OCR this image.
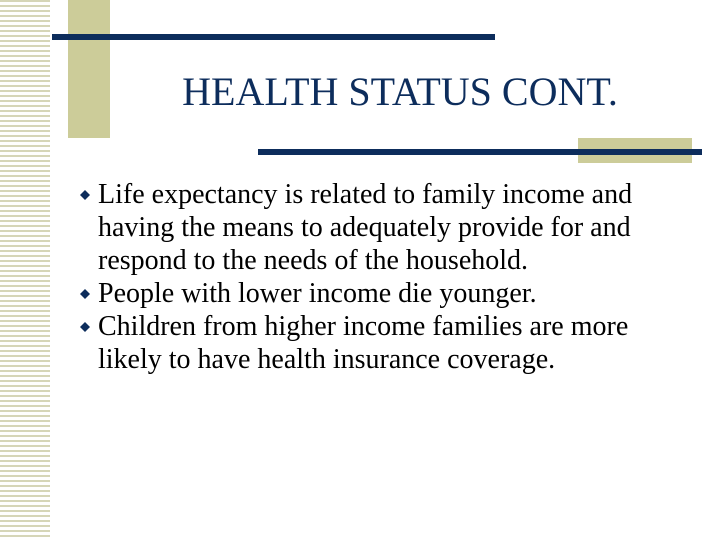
HEALTH STATUS CONT.
Life expectancy is related to family income and having the means to adequately provide for and respond to the needs of the household.
People with lower income die younger.
Children from higher income families are more likely to have health insurance coverage.
